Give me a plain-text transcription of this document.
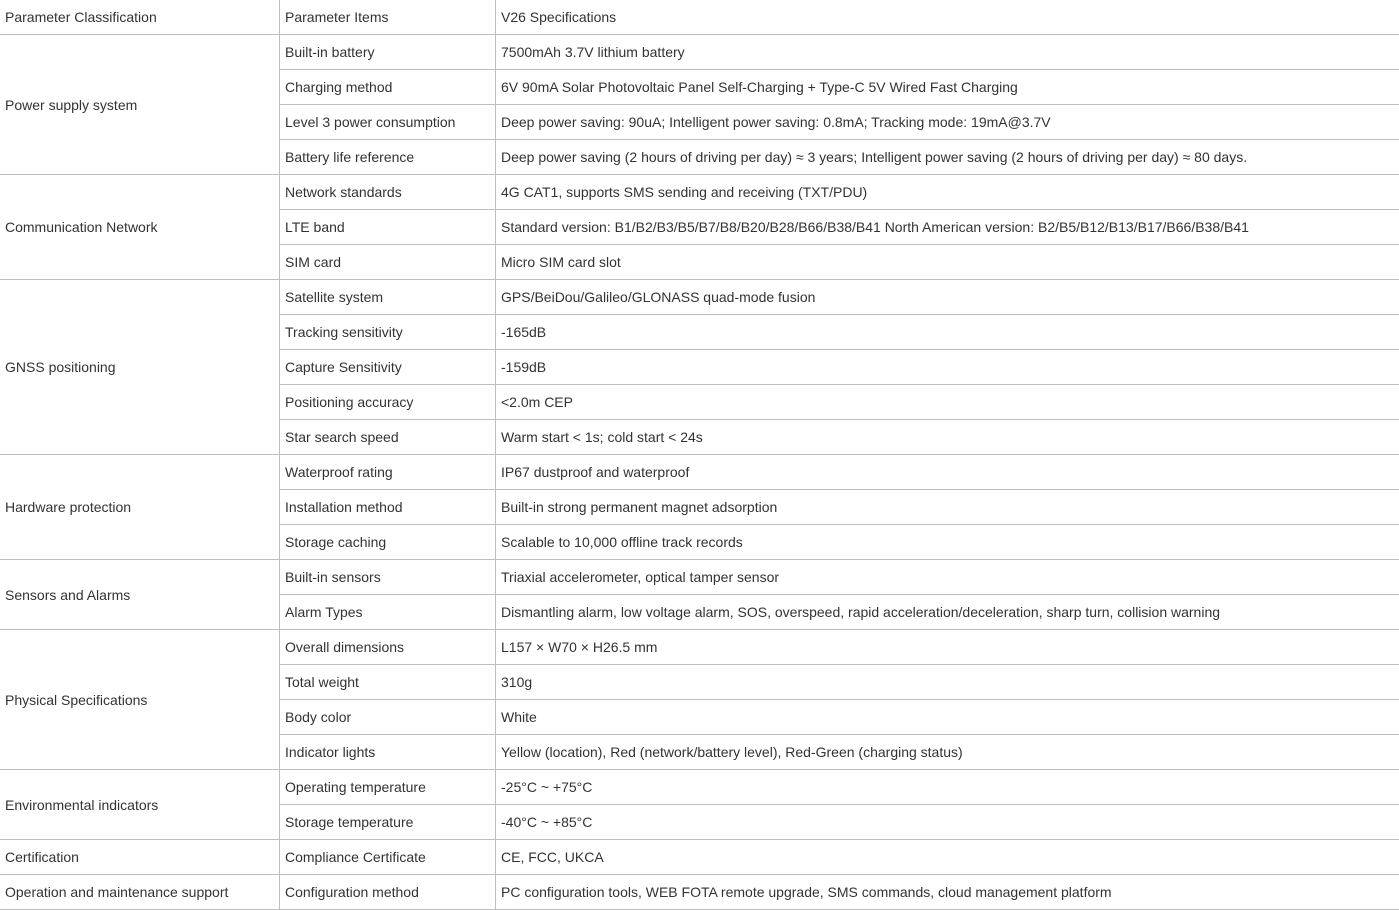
Parameter Classification	Parameter Items	V26 Specifications
Power supply system	Built-in battery	7500mAh 3.7V lithium battery
	Charging method	6V 90mA Solar Photovoltaic Panel Self-Charging + Type-C 5V Wired Fast Charging
	Level 3 power consumption	Deep power saving: 90uA; Intelligent power saving: 0.8mA; Tracking mode: 19mA@3.7V
	Battery life reference	Deep power saving (2 hours of driving per day) ≈ 3 years; Intelligent power saving (2 hours of driving per day) ≈ 80 days.
Communication Network	Network standards	4G CAT1, supports SMS sending and receiving (TXT/PDU)
	LTE band	Standard version: B1/B2/B3/B5/B7/B8/B20/B28/B66/B38/B41 North American version: B2/B5/B12/B13/B17/B66/B38/B41
	SIM card	Micro SIM card slot
GNSS positioning	Satellite system	GPS/BeiDou/Galileo/GLONASS quad-mode fusion
	Tracking sensitivity	-165dB
	Capture Sensitivity	-159dB
	Positioning accuracy	<2.0m CEP
	Star search speed	Warm start < 1s; cold start < 24s
Hardware protection	Waterproof rating	IP67 dustproof and waterproof
	Installation method	Built-in strong permanent magnet adsorption
	Storage caching	Scalable to 10,000 offline track records
Sensors and Alarms	Built-in sensors	Triaxial accelerometer, optical tamper sensor
	Alarm Types	Dismantling alarm, low voltage alarm, SOS, overspeed, rapid acceleration/deceleration, sharp turn, collision warning
Physical Specifications	Overall dimensions	L157 × W70 × H26.5 mm
	Total weight	310g
	Body color	White
	Indicator lights	Yellow (location), Red (network/battery level), Red-Green (charging status)
Environmental indicators	Operating temperature	-25°C ~ +75°C
	Storage temperature	-40°C ~ +85°C
Certification	Compliance Certificate	CE, FCC, UKCA
Operation and maintenance support	Configuration method	PC configuration tools, WEB FOTA remote upgrade, SMS commands, cloud management platform
